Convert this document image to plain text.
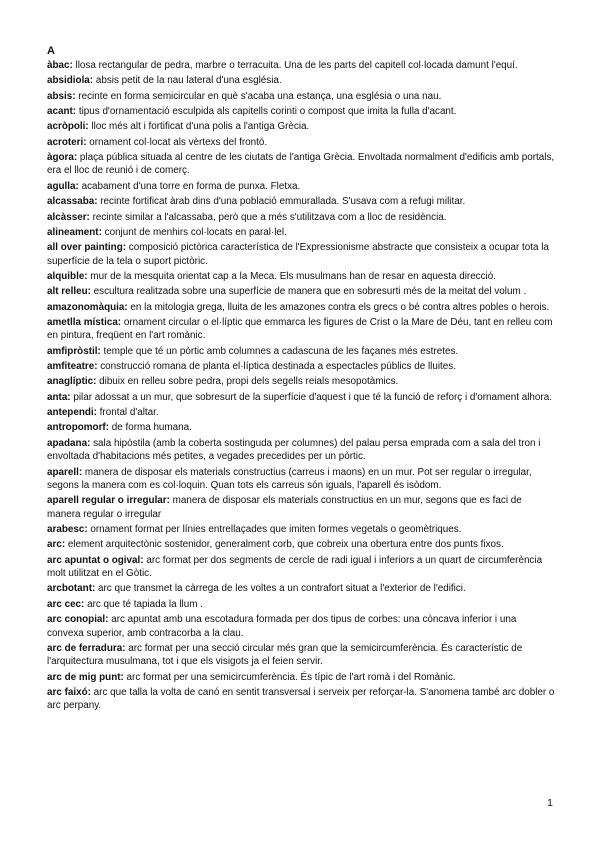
A
àbac: llosa rectangular de pedra, marbre o terracuita. Una de les parts del capitell col·locada damunt l'equí.
absidiola: absis petit de la nau lateral d'una església.
absis: recinte en forma semicircular en què s'acaba una estança, una església o una nau.
acant: tipus d'ornamentació esculpida als capitells corinti o compost que imita la fulla d'acant.
acròpoli: lloc més alt i fortificat d'una polis a l'antiga Grècia.
acroteri: ornament col·locat als vèrtexs del frontó.
àgora: plaça pública situada al centre de les ciutats de l'antiga Grècia. Envoltada normalment d'edificis amb portals, era el lloc de reunió i de comerç.
agulla: acabament d'una torre en forma de punxa. Fletxa.
alcassaba: recinte fortificat àrab dins d'una població emmurallada. S'usava com a refugi militar.
alcàsser: recinte similar a l'alcassaba, però que a més s'utilitzava com a lloc de residència.
alineament: conjunt de menhirs col·locats en paral·lel.
all over painting: composició pictòrica característica de l'Expressionisme abstracte que consisteix a ocupar tota la superfície de la tela o suport pictòric.
alquible: mur de la mesquita orientat cap a la Meca. Els musulmans han de resar en aquesta direcció.
alt relleu: escultura realitzada sobre una superfície de manera que en sobresurti més de la meitat del volum .
amazonomàquia: en la mitologia grega, lluita de les amazones contra els grecs o bé contra altres pobles o herois.
ametlla mística: ornament circular o el·líptic que emmarca les figures de Crist o la Mare de Déu, tant en relleu com en pintura, freqüent en l'art romànic.
amfipròstil: temple que té un pòrtic amb columnes a cadascuna de les façanes més estretes.
amfiteatre: construcció romana de planta el·líptica destinada a espectacles públics de lluites.
anaglíptic: dibuix en relleu sobre pedra, propi dels segells reials mesopotàmics.
anta: pilar adossat a un mur, que sobresurt de la superfície d'aquest i que té la funció de reforç i d'ornament alhora.
antependi: frontal d'altar.
antropomorf: de forma humana.
apadana: sala hipòstila (amb la coberta sostinguda per columnes) del palau persa emprada com a sala del tron i envoltada d'habitacions més petites, a vegades precedides per un pòrtic.
aparell: manera de disposar els materials constructius (carreus i maons) en un mur. Pot ser regular o irregular, segons la manera com es col·loquin. Quan tots els carreus són iguals, l'aparell és isòdom.
aparell regular o irregular: manera de disposar els materials constructius en un mur, segons que es faci de manera regular o irregular
arabesc: ornament format per línies entrellaçades que imiten formes vegetals o geomètriques.
arc: element arquitectònic sostenidor, generalment corb, que cobreix una obertura entre dos punts fixos.
arc apuntat o ogival: arc format per dos segments de cercle de radi igual i inferiors a un quart de circumferència molt utilitzat en el Gòtic.
arcbotant: arc que transmet la càrrega de les voltes a un contrafort situat a l'exterior de l'edifici.
arc cec: arc que té tapiada la llum .
arc conopial: arc apuntat amb una escotadura formada per dos tipus de corbes: una còncava inferior i una convexa superior, amb contracorba a la clau.
arc de ferradura: arc format per una secció circular més gran que la semicircumferència. És característic de l'arquitectura musulmana, tot i que els visigots ja el feien servir.
arc de mig punt: arc format per una semicircumferència. És típic de l'art romà i del Romànic.
arc faixó: arc que talla la volta de canó en sentit transversal i serveix per reforçar-la. S'anomena també arc dobler o arc perpany.
1
